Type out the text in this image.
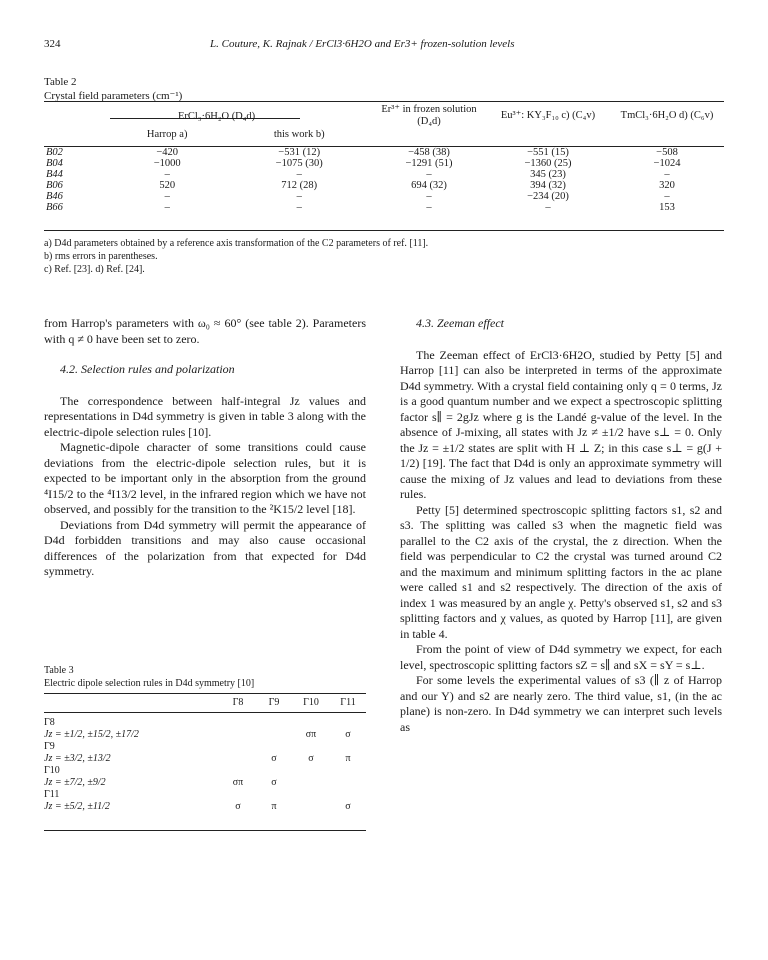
324	L. Couture, K. Rajnak / ErCl3·6H2O and Er3+ frozen-solution levels
Table 2
Crystal field parameters (cm⁻¹)
	ErCl₃·6H₂O (D₄d)		Er³⁺ in frozen solution (D₄d)	Eu³⁺: KY₃F₁₀ c) (C₄v)	TmCl₃·6H₂O d) (C₆v)
	Harrop a)	this work b)			

B02	−420	−531 (12)	−458 (38)	−551 (15)	−508
B04	−1000	−1075 (30)	−1291 (51)	−1360 (25)	−1024
B44	–	–	–	345 (23)	–
B06	520	712 (28)	694 (32)	394 (32)	320
B46	–	–	–	−234 (20)	–
B66	–	–	–	–	153
a) D4d parameters obtained by a reference axis transformation of the C2 parameters of ref. [11].
b) rms errors in parentheses.
c) Ref. [23]. d) Ref. [24].

from Harrop's parameters with ω₀ ≈ 60° (see table 2). Parameters with q ≠ 0 have been set to zero.

4.2. Selection rules and polarization

The correspondence between half-integral Jz values and representations in D4d symmetry is given in table 3 along with the electric-dipole selection rules [10].

Magnetic-dipole character of some transitions could cause deviations from the electric-dipole selection rules, but it is expected to be important only in the absorption from the ground ⁴I15/2 to the ⁴I13/2 level, in the infrared region which we have not observed, and possibly for the transition to the ²K15/2 level [18].

Deviations from D4d symmetry will permit the appearance of D4d forbidden transitions and may also cause occasional differences of the polarization from that expected for D4d symmetry.

Table 3
Electric dipole selection rules in D4d symmetry [10]
	Γ8	Γ9	Γ10	Γ11

Γ8				
Jz = ±1/2, ±15/2, ±17/2			σπ	σ
Γ9				
Jz = ±3/2, ±13/2		σ	σ	π
Γ10				
Jz = ±7/2, ±9/2	σπ	σ		
Γ11				
Jz = ±5/2, ±11/2	σ	π		σ

4.3. Zeeman effect

The Zeeman effect of ErCl3·6H2O, studied by Petty [5] and Harrop [11] can also be interpreted in terms of the approximate D4d symmetry. With a crystal field containing only q = 0 terms, Jz is a good quantum number and we expect a spectroscopic splitting factor s∥ = 2gJz where g is the Landé g-value of the level. In the absence of J-mixing, all states with Jz ≠ ±1/2 have s⊥ = 0. Only the Jz = ±1/2 states are split with H ⊥ Z; in this case s⊥ = g(J + 1/2) [19]. The fact that D4d is only an approximate symmetry will cause the mixing of Jz values and lead to deviations from these rules.

Petty [5] determined spectroscopic splitting factors s1, s2 and s3. The splitting was called s3 when the magnetic field was parallel to the C2 axis of the crystal, the z direction. When the field was perpendicular to C2 the crystal was turned around C2 and the maximum and minimum splitting factors in the ac plane were called s1 and s2 respectively. The direction of the axis of index 1 was measured by an angle χ. Petty's observed s1, s2 and s3 splitting factors and χ values, as quoted by Harrop [11], are given in table 4.

From the point of view of D4d symmetry we expect, for each level, spectroscopic splitting factors sZ = s∥ and sX = sY = s⊥.

For some levels the experimental values of s3 (∥ z of Harrop and our Y) and s2 are nearly zero. The third value, s1, (in the ac plane) is non-zero. In D4d symmetry we can interpret such levels as
